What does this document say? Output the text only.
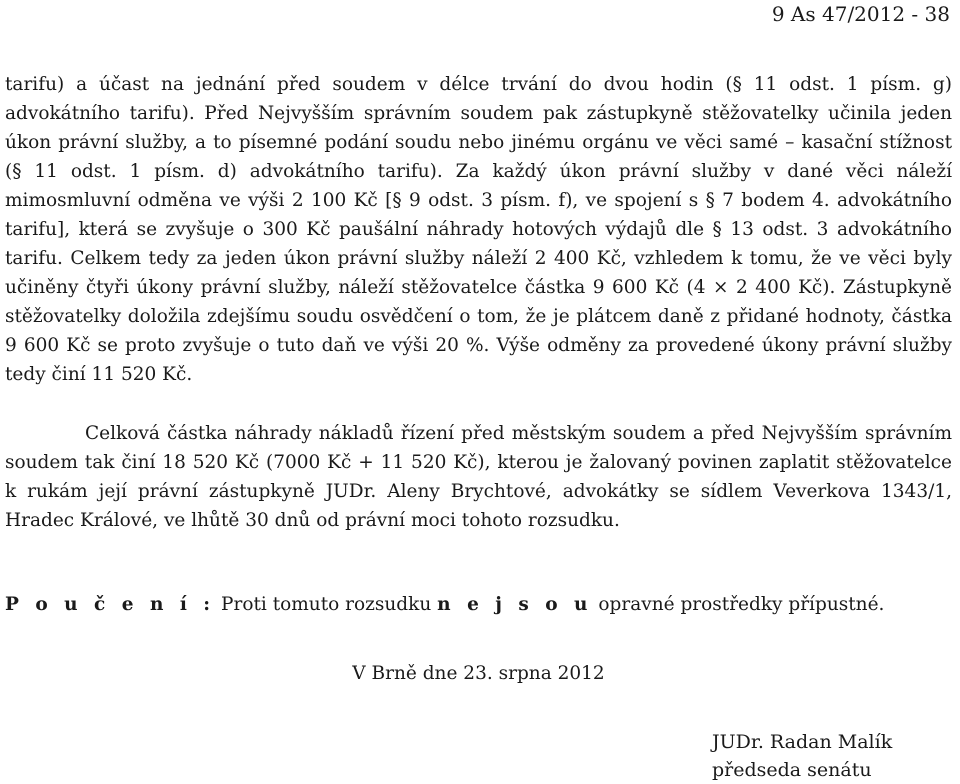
9 As 47/2012 - 38

tarifu) a účast na jednání před soudem v délce trvání do dvou hodin (§ 11 odst. 1 písm. g) advokátního tarifu). Před Nejvyšším správním soudem pak zástupkyně stěžovatelky učinila jeden úkon právní služby, a to písemné podání soudu nebo jinému orgánu ve věci samé – kasační stížnost (§ 11 odst. 1 písm. d) advokátního tarifu). Za každý úkon právní služby v dané věci náleží mimosmluvní odměna ve výši 2 100 Kč [§ 9 odst. 3 písm. f), ve spojení s § 7 bodem 4. advokátního tarifu], která se zvyšuje o 300 Kč paušální náhrady hotových výdajů dle § 13 odst. 3 advokátního tarifu. Celkem tedy za jeden úkon právní služby náleží 2 400 Kč, vzhledem k tomu, že ve věci byly učiněny čtyři úkony právní služby, náleží stěžovatelce částka 9 600 Kč (4 × 2 400 Kč). Zástupkyně stěžovatelky doložila zdejšímu soudu osvědčení o tom, že je plátcem daně z přidané hodnoty, částka 9 600 Kč se proto zvyšuje o tuto daň ve výši 20 %. Výše odměny za provedené úkony právní služby tedy činí 11 520 Kč.

Celková částka náhrady nákladů řízení před městským soudem a před Nejvyšším správním soudem tak činí 18 520 Kč (7000 Kč + 11 520 Kč), kterou je žalovaný povinen zaplatit stěžovatelce k rukám její právní zástupkyně JUDr. Aleny Brychtové, advokátky se sídlem Veverkova 1343/1, Hradec Králové, ve lhůtě 30 dnů od právní moci tohoto rozsudku.

P o u č e n í : Proti tomuto rozsudku n e j s o u opravné prostředky přípustné.

V Brně dne 23. srpna 2012

JUDr. Radan Malík
předseda senátu
